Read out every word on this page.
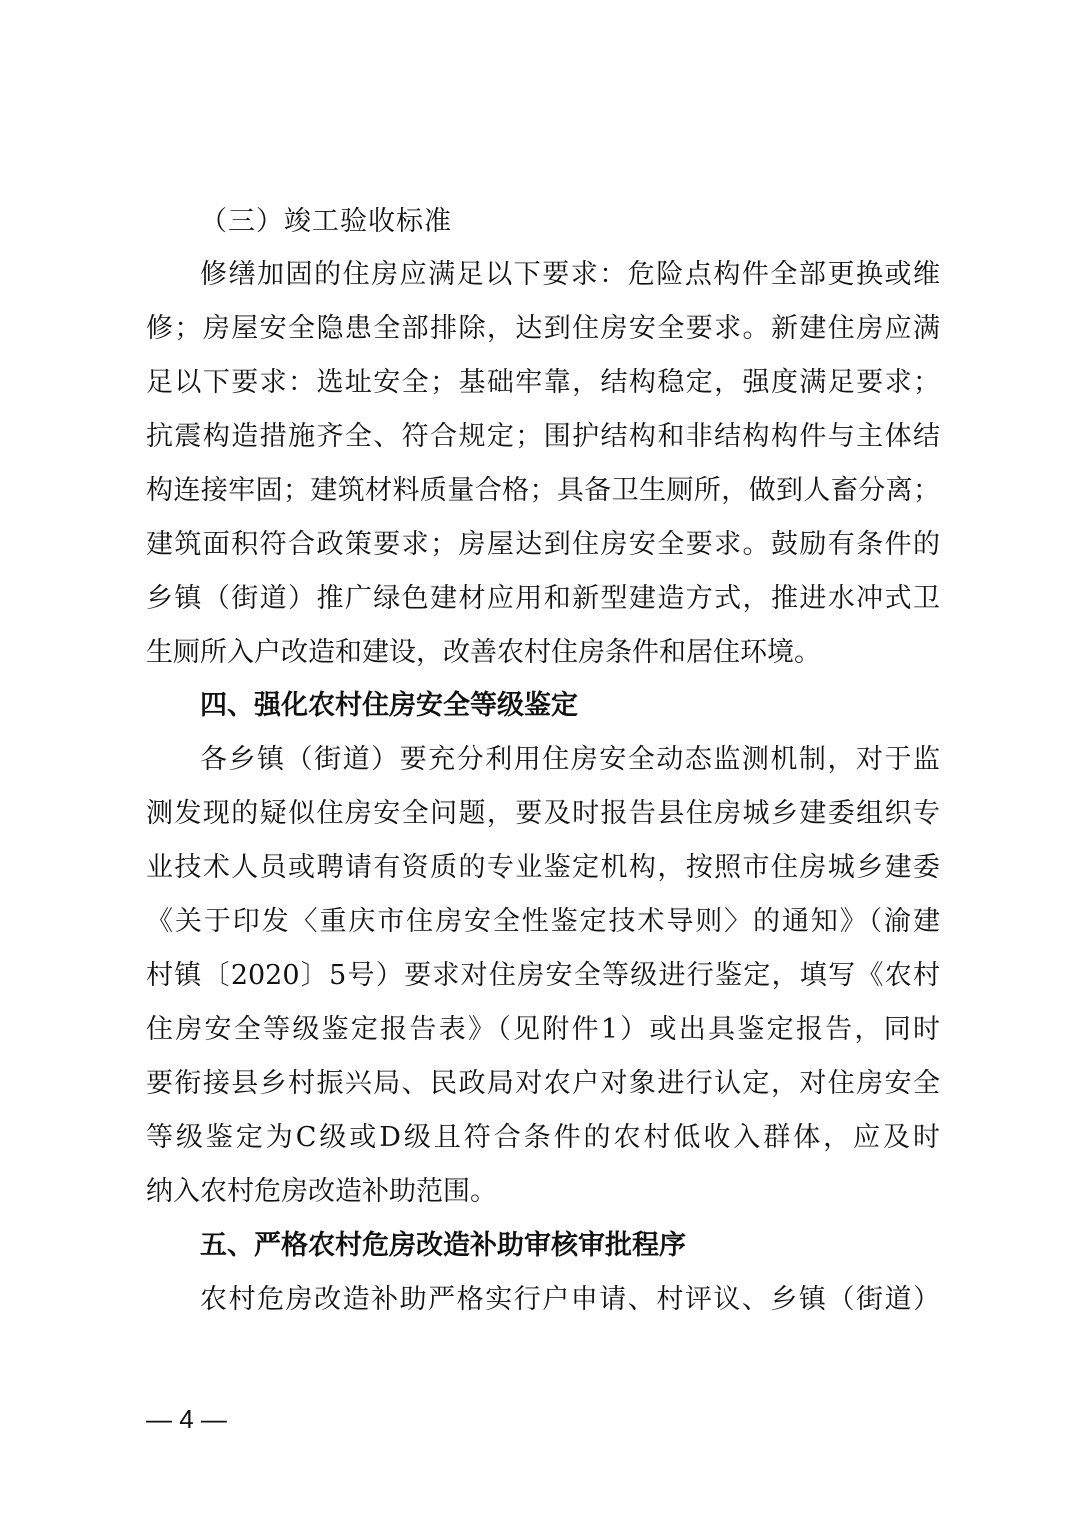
（三）竣工验收标准
修缮加固的住房应满足以下要求：危险点构件全部更换或维
修；房屋安全隐患全部排除，达到住房安全要求。新建住房应满
足以下要求：选址安全；基础牢靠，结构稳定，强度满足要求；
抗震构造措施齐全、符合规定；围护结构和非结构构件与主体结
构连接牢固；建筑材料质量合格；具备卫生厕所，做到人畜分离；
建筑面积符合政策要求；房屋达到住房安全要求。鼓励有条件的
乡镇（街道）推广绿色建材应用和新型建造方式，推进水冲式卫
生厕所入户改造和建设，改善农村住房条件和居住环境。
四、强化农村住房安全等级鉴定
各乡镇（街道）要充分利用住房安全动态监测机制，对于监
测发现的疑似住房安全问题，要及时报告县住房城乡建委组织专
业技术人员或聘请有资质的专业鉴定机构，按照市住房城乡建委
《关于印发〈重庆市住房安全性鉴定技术导则〉的通知》（渝建
村镇〔2020〕5号）要求对住房安全等级进行鉴定，填写《农村
住房安全等级鉴定报告表》（见附件1）或出具鉴定报告，同时
要衔接县乡村振兴局、民政局对农户对象进行认定，对住房安全
等级鉴定为C级或D级且符合条件的农村低收入群体，应及时
纳入农村危房改造补助范围。
五、严格农村危房改造补助审核审批程序
农村危房改造补助严格实行户申请、村评议、乡镇（街道）
— 4 —
